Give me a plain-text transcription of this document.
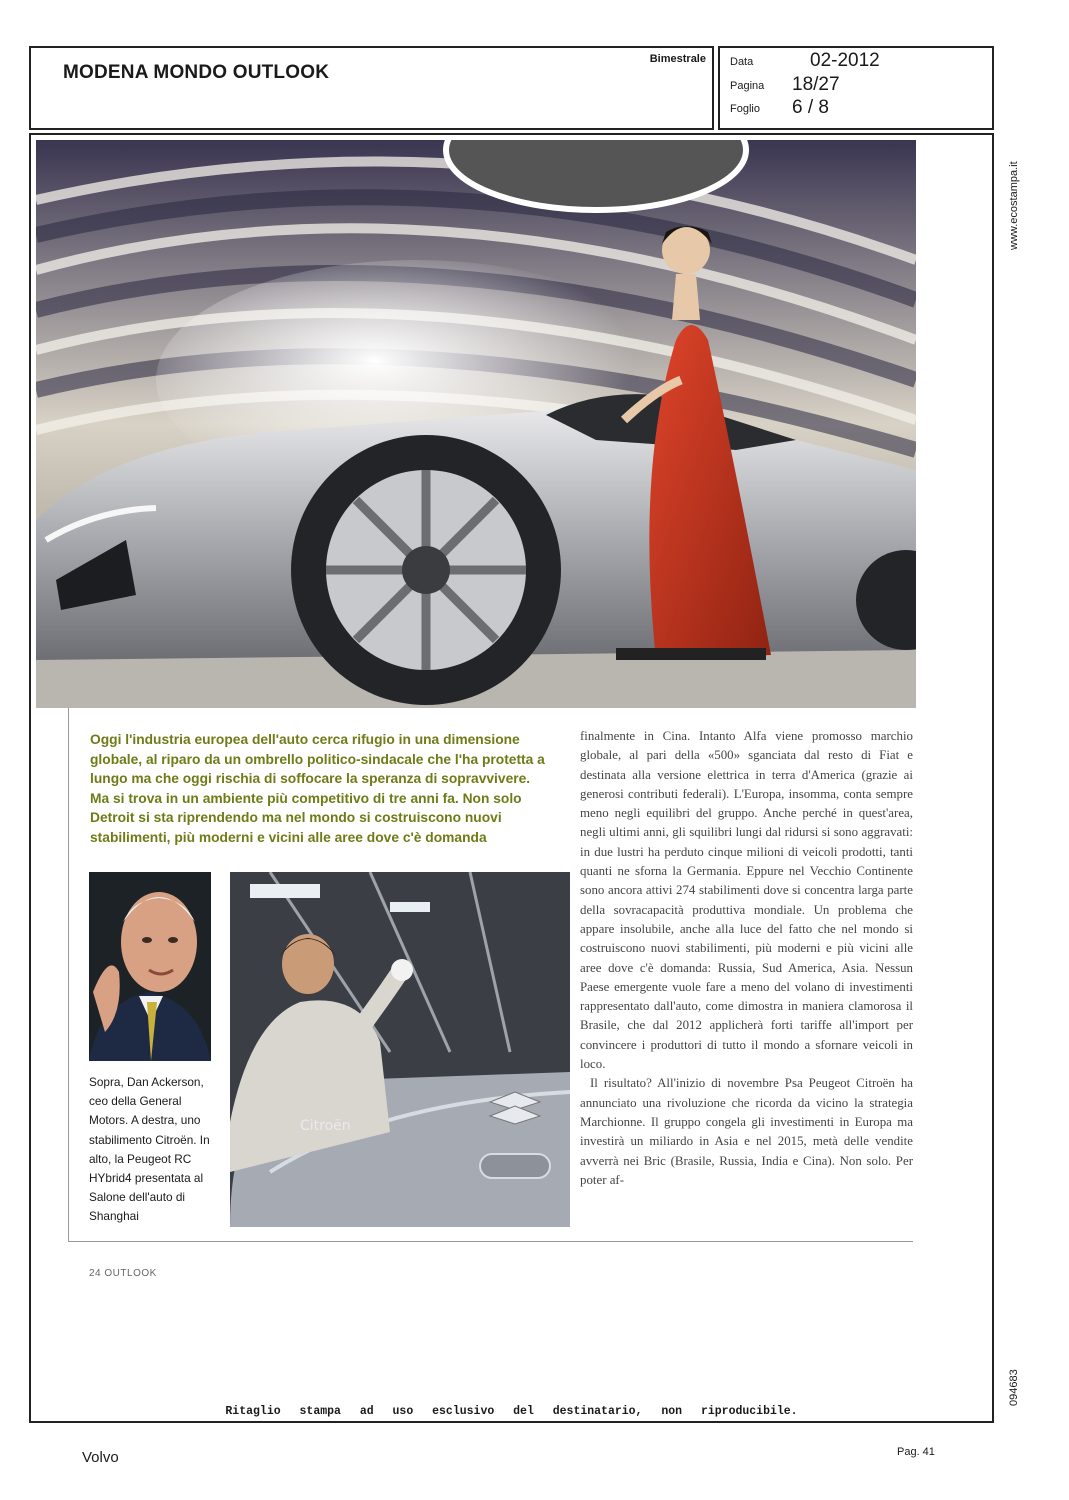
MODENA MONDO OUTLOOK
Bimestrale Data	02-2012
Pagina 18/27
Foglio 6 / 8
www.ecostampa.it
094683
Oggi l'industria europea dell'auto cerca rifugio in una dimensione globale, al riparo da un ombrello politico-sindacale che l'ha protetta a lungo ma che oggi rischia di soffocare la speranza di sopravvivere. Ma si trova in un ambiente più competitivo di tre anni fa. Non solo Detroit si sta riprendendo ma nel mondo si costruiscono nuovi stabilimenti, più moderni e vicini alle aree dove c'è domanda
Citroën
Sopra, Dan Ackerson, ceo della General Motors. A destra, uno stabilimento Citroën. In alto, la Peugeot RC HYbrid4 presentata al Salone dell'auto di Shanghai

finalmente in Cina. Intanto Alfa viene promosso marchio globale, al pari della «500» sganciata dal resto di Fiat e destinata alla versione elettrica in terra d'America (grazie ai generosi contributi federali). L'Europa, insomma, conta sempre meno negli equilibri del gruppo. Anche perché in quest'area, negli ultimi anni, gli squilibri lungi dal ridursi si sono aggravati: in due lustri ha perduto cinque milioni di veicoli prodotti, tanti quanti ne sforna la Germania. Eppure nel Vecchio Continente sono ancora attivi 274 stabilimenti dove si concentra larga parte della sovracapacità produttiva mondiale. Un problema che appare insolubile, anche alla luce del fatto che nel mondo si costruiscono nuovi stabilimenti, più moderni e più vicini alle aree dove c'è domanda: Russia, Sud America, Asia. Nessun Paese emergente vuole fare a meno del volano di investimenti rappresentato dall'auto, come dimostra in maniera clamorosa il Brasile, che dal 2012 applicherà forti tariffe all'import per convincere i produttori di tutto il mondo a sfornare veicoli in loco.

Il risultato? All'inizio di novembre Psa Peugeot Citroën ha annunciato una rivoluzione che ricorda da vicino la strategia Marchionne. Il gruppo congela gli investimenti in Europa ma investirà un miliardo in Asia e nel 2015, metà delle vendite avverrà nei Bric (Brasile, Russia, India e Cina). Non solo. Per poter af-

24 OUTLOOK
Ritaglio stampa ad uso esclusivo del destinatario, non riproducibile.
Volvo	Pag. 41
